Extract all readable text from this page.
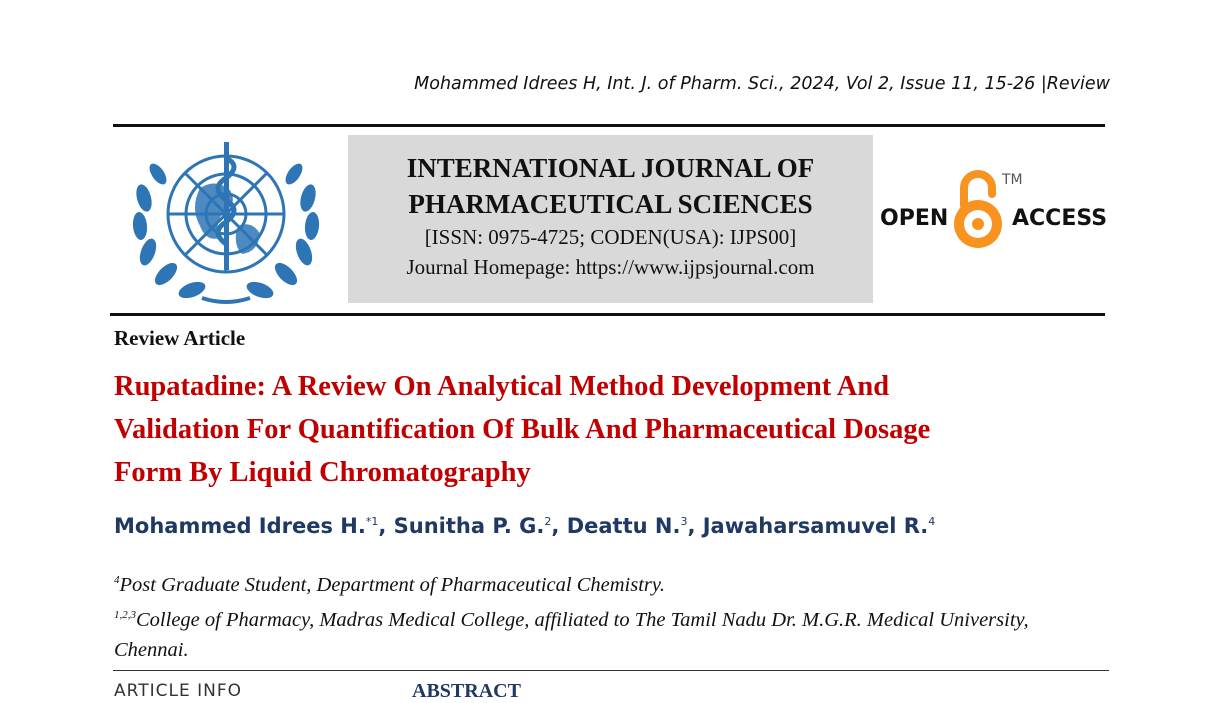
Mohammed Idrees H, Int. J. of Pharm. Sci., 2024, Vol 2, Issue 11, 15-26 |Review
INTERNATIONAL JOURNAL OF
PHARMACEUTICAL SCIENCES
[ISSN: 0975-4725; CODEN(USA): IJPS00]
Journal Homepage: https://www.ijpsjournal.com
OPEN	ACCESS
TM
Review Article
Rupatadine: A Review On Analytical Method Development And
Validation For Quantification Of Bulk And Pharmaceutical Dosage
Form By Liquid Chromatography
Mohammed Idrees H.$^{*1}$, Sunitha P. G.$^2$, Deattu N.$^3$, Jawaharsamuvel R.$^4$
$^4$Post Graduate Student, Department of Pharmaceutical Chemistry.
$^{1,2,3}$College of Pharmacy, Madras Medical College, affiliated to The Tamil Nadu Dr. M.G.R. Medical University,
Chennai.
ARTICLE INFO	ABSTRACT
